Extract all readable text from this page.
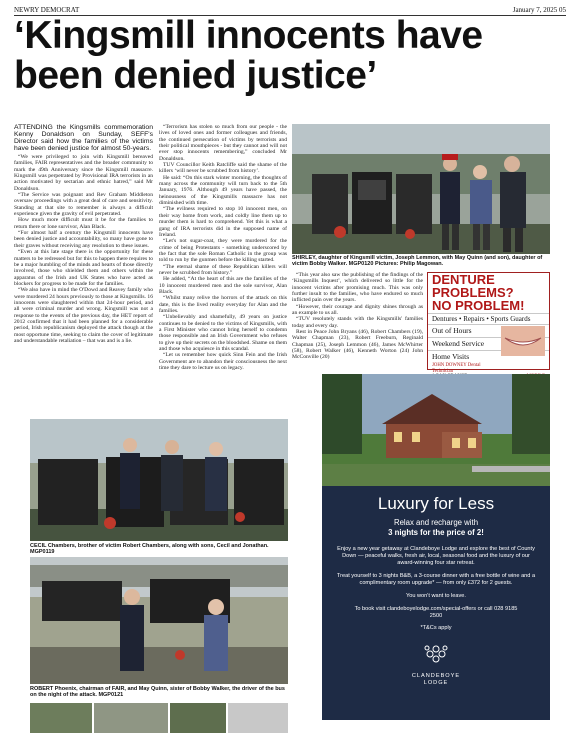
NEWRY DEMOCRAT	January 7, 2025 05
‘Kingsmill innocents have been denied justice’

ATTENDING the Kingsmills commemoration Kenny Donaldson on Sunday, SEFF's Director said how the families of the victims have been denied justice for almost 50-years.

“We were privileged to join with Kingsmill bereaved families, FAIR representatives and the broader community to mark the 49th Anniversary since the Kingsmill massacre. Kingsmill was perpetrated by Provisional IRA terrorists in an action motivated by sectarian and ethnic hatred,” said Mr Donaldson.

“The Service was poignant and Rev Graham Middleton oversaw proceedings with a great deal of care and sensitivity. Standing at that site to remember is always a difficult experience given the gravity of evil perpetrated.

How much more difficult must it be for the families to return there or lone survivor, Alan Black.

“For almost half a century the Kingsmill innocents have been denied justice and accountability, so many have gone to their graves without receiving any resolution to these issues.

“Even at this late stage there is the opportunity for these matters to be redressed but for this to happen there requires to be a major humbling of the minds and hearts of those directly involved, those who shielded them and others within the apparatus of the Irish and UK States who have acted as blockers for progress to be made for the families.

“We also have in mind the O'Dowd and Reavey family who were murdered 24 hours previously to those at Kingsmills. 16 innocents were slaughtered within that 24-hour period, and all were criminal murder and wrong. Kingsmill was not a response to the events of the previous day, the HET report of 2012 confirmed that it had been planned for a considerable period, Irish republicanism deployed the attack though at the most opportune time, seeking to claim the cover of legitimate and understandable retaliation – that was and is a lie.

“Terrorism has stolen so much from our people - the lives of loved ones and former colleagues and friends, the continued persecution of victims by terrorists and their political mouthpieces - but they cannot and will not ever stop innocents remembering,” concluded Mr Donaldson.

TUV Councillor Keith Ratcliffe said the shame of the killers ‘will never be scrubbed from history’.

He said: “On this stark winter morning, the thoughts of many across the community will turn back to the 5th January, 1976. Although 49 years have passed, the heinousness of the Kingsmills massacre has not diminished with time.

“The evilness required to stop 10 innocent men, on their way home from work, and coldly line them up to murder them is hard to comprehend. Yet this is what a gang of IRA terrorists did in the supposed name of Ireland.

“Let's not sugar-coat, they were murdered for the crime of being Protestants - something underscored by the fact that the sole Roman Catholic in the group was told to run by the gunmen before the killing started.

“The eternal shame of these Republican killers will never be scrubbed from history.”

He added, “At the heart of this are the families of the 10 innocent murdered men and the sole survivor, Alan Black.

“Whilst many relive the horrors of the attack on this date, this is the lived reality everyday for Alan and the families.

“Unbelievably and shamefully, 49 years on justice continues to be denied to the victims of Kingsmills, with a First Minister who cannot bring herself to condemn those responsible and an Irish Government who refuses to give up their secrets on the bloodshed. Shame on them and those who acquiesce in this scandal.

“Let us remember how quick Sinn Fein and the Irish Government are to abandon their consciousness the next time they dare to lecture us on legacy.

SHIRLEY, daughter of Kingsmill victim, Joseph Lemmon, with May Quinn (and son), daughter of victim Bobby Walker. MGP0120 Pictures: Philip Magowan.

“This year also saw the publishing of the findings of the ‘Kingsmills Inquest’, which delivered so little for the innocent victims after promising much. This was only further insult to the families, who have endured so much inflicted pain over the years.

“However, their courage and dignity shines through as an example to us all.

“TUV resolutely stands with the Kingsmills' families today and every day.

Rest in Peace John Bryans (46), Robert Chambers (19), Walter Chapman (23), Robert Freeburn, Reginald Chapman (25), Joseph Lemmon (46), James McWhirter (58), Robert Walker (46), Kenneth Worton (24) John McConville (20)

DENTURE PROBLEMS?
NO PROBLEM!
Dentures • Repairs • Sports Guards
Out of Hours
Weekend Service
Home Visits
JOHN DOWNEY Dental Technician
Luxury for Less
Relax and recharge with
3 nights for the price of 2!
Enjoy a new year getaway at Clandeboye Lodge and explore the best of County Down — peaceful walks, fresh air, local, seasonal food and the luxury of our award-winning four star retreat.
Treat yourself to 3 nights B&B, a 3-course dinner with a free bottle of wine and a complimentary room upgrade* — from only £372 for 2 guests.
You won't want to leave.
To book visit clandeboyelodge.com/special-offers or call 028 9185 2500
*T&Cs apply
CLANDEBOYE
LODGE
CECIL Chambers, brother of victim Robert Chambers, along with sons, Cecil and Jonathan. MGP0119
ROBERT Phoenix, chairman of FAIR, and May Quinn, sister of Bobby Walker, the driver of the bus on the night of the attack. MGP0121
